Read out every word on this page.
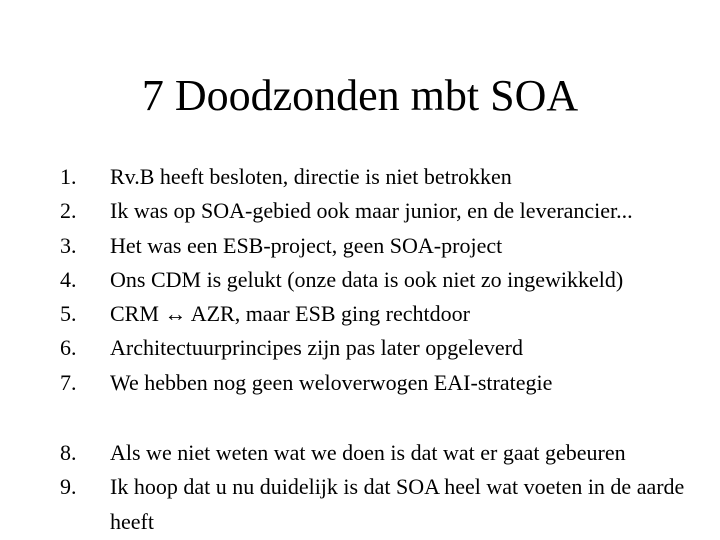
7 Doodzonden mbt SOA
1.	Rv.B heeft besloten, directie is niet betrokken
2.	Ik was op SOA-gebied ook maar junior, en de leverancier...
3.	Het was een ESB-project, geen SOA-project
4.	Ons CDM is gelukt (onze data is ook niet zo ingewikkeld)
5.	CRM ↔ AZR, maar ESB ging rechtdoor
6.	Architectuurprincipes zijn pas later opgeleverd
7.	We hebben nog geen weloverwogen EAI-strategie
8.	Als we niet weten wat we doen is dat wat er gaat gebeuren
9.	Ik hoop dat u nu duidelijk is dat SOA heel wat voeten in de aarde heeft
